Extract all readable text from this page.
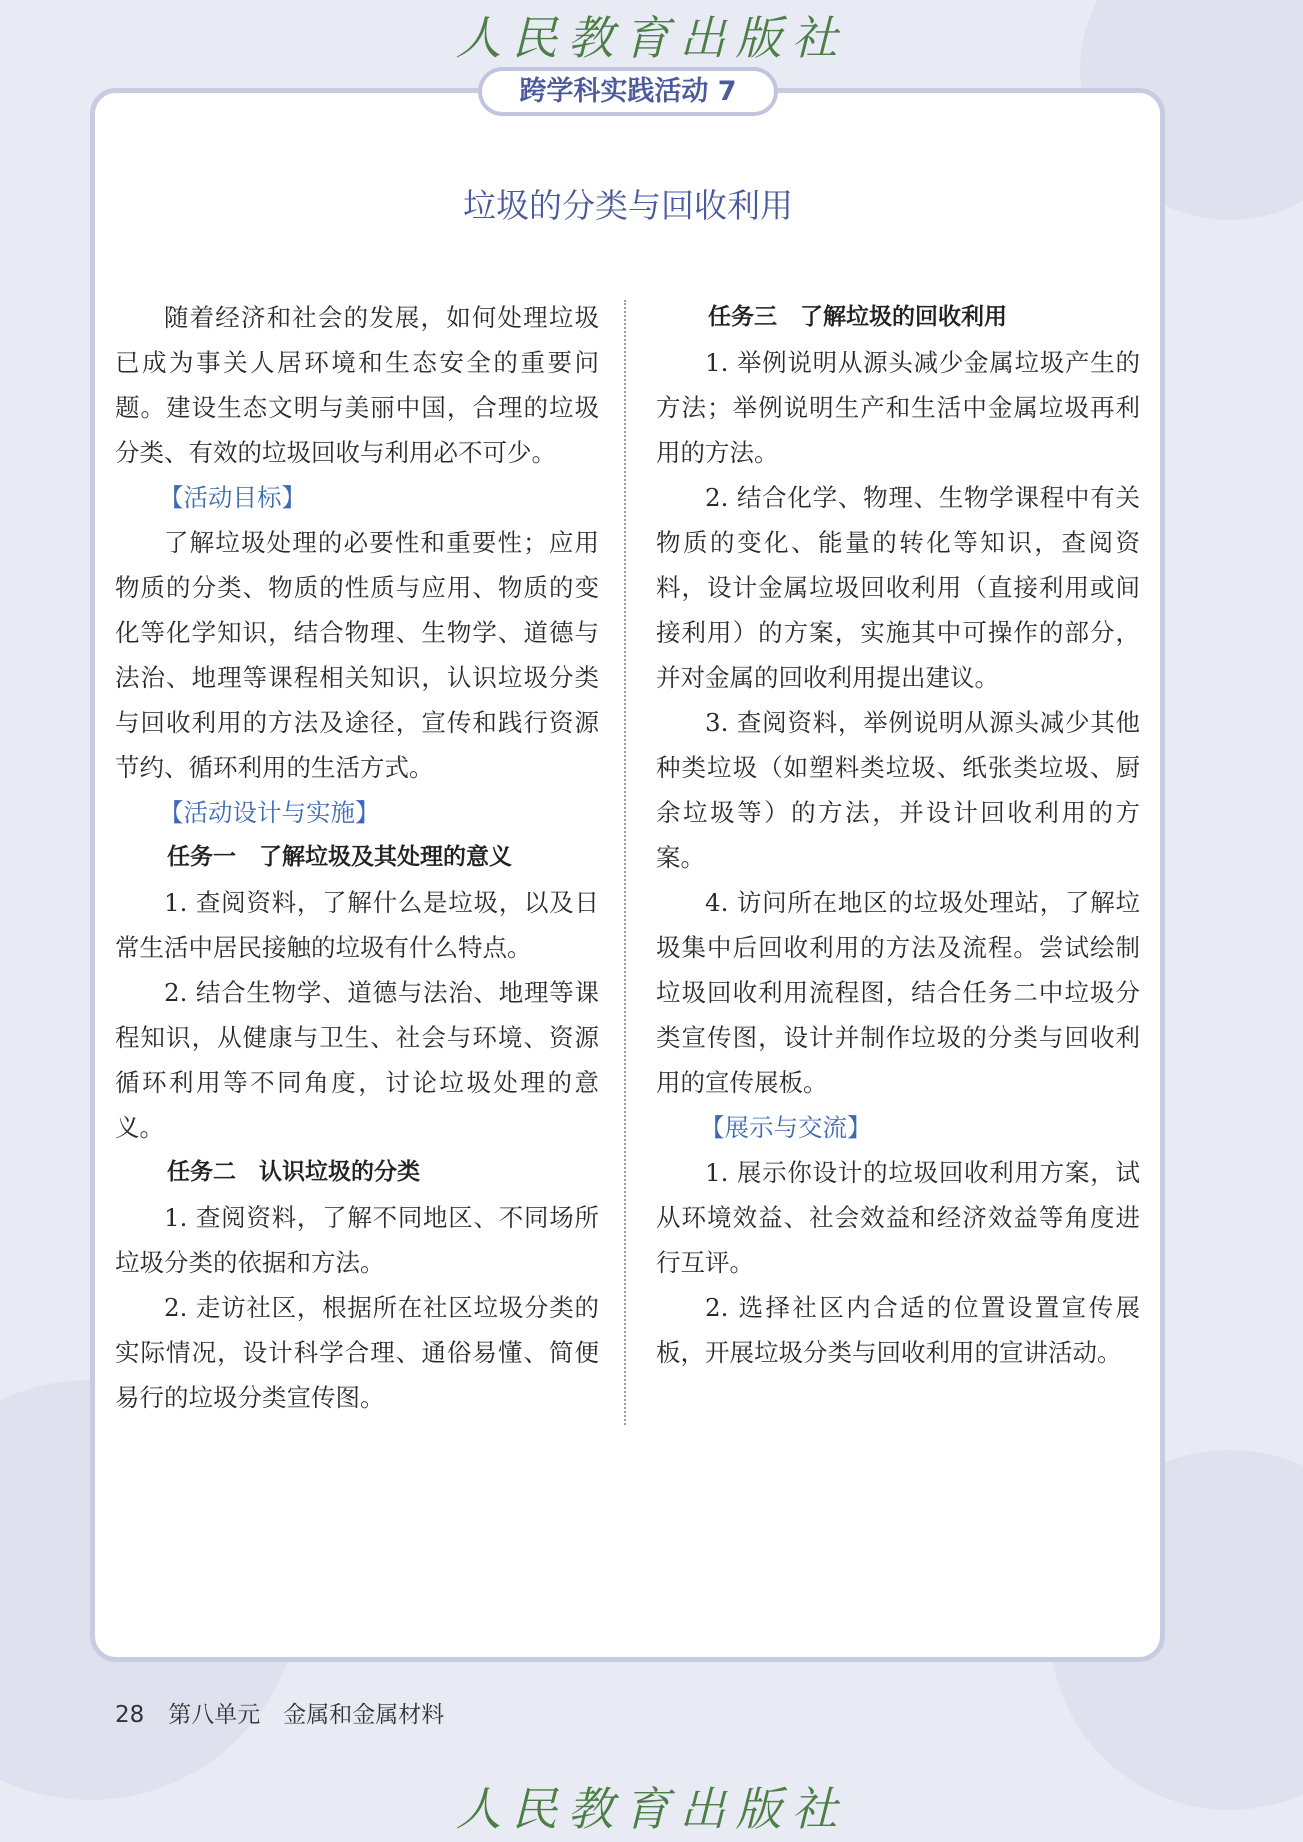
人民教育出版社
跨学科实践活动 7
垃圾的分类与回收利用

随着经济和社会的发展，如何处理垃圾已成为事关人居环境和生态安全的重要问题。建设生态文明与美丽中国，合理的垃圾分类、有效的垃圾回收与利用必不可少。

【活动目标】

了解垃圾处理的必要性和重要性；应用物质的分类、物质的性质与应用、物质的变化等化学知识，结合物理、生物学、道德与法治、地理等课程相关知识，认识垃圾分类与回收利用的方法及途径，宣传和践行资源节约、循环利用的生活方式。

【活动设计与实施】

任务一　了解垃圾及其处理的意义

1. 查阅资料，了解什么是垃圾，以及日常生活中居民接触的垃圾有什么特点。

2. 结合生物学、道德与法治、地理等课程知识，从健康与卫生、社会与环境、资源循环利用等不同角度，讨论垃圾处理的意义。

任务二　认识垃圾的分类

1. 查阅资料，了解不同地区、不同场所垃圾分类的依据和方法。

2. 走访社区，根据所在社区垃圾分类的实际情况，设计科学合理、通俗易懂、简便易行的垃圾分类宣传图。

任务三　了解垃圾的回收利用

1. 举例说明从源头减少金属垃圾产生的方法；举例说明生产和生活中金属垃圾再利用的方法。

2. 结合化学、物理、生物学课程中有关物质的变化、能量的转化等知识，查阅资料，设计金属垃圾回收利用（直接利用或间接利用）的方案，实施其中可操作的部分，并对金属的回收利用提出建议。

3. 查阅资料，举例说明从源头减少其他种类垃圾（如塑料类垃圾、纸张类垃圾、厨余垃圾等）的方法，并设计回收利用的方案。

4. 访问所在地区的垃圾处理站，了解垃圾集中后回收利用的方法及流程。尝试绘制垃圾回收利用流程图，结合任务二中垃圾分类宣传图，设计并制作垃圾的分类与回收利用的宣传展板。

【展示与交流】

1. 展示你设计的垃圾回收利用方案，试从环境效益、社会效益和经济效益等角度进行互评。

2. 选择社区内合适的位置设置宣传展板，开展垃圾分类与回收利用的宣讲活动。

28 第八单元　金属和金属材料
人民教育出版社
